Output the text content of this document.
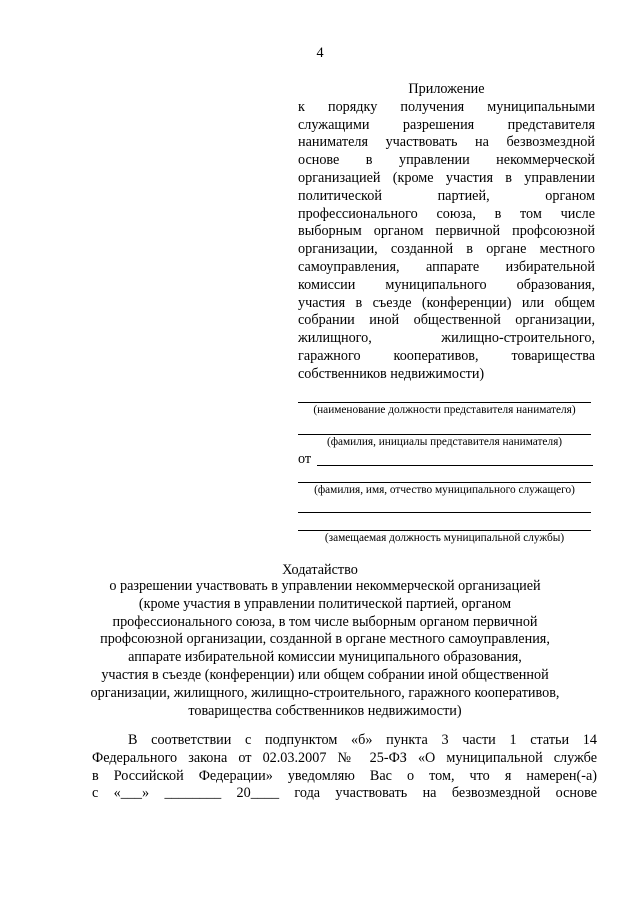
4
Приложение
к порядку получения муниципальными
служащими разрешения представителя
нанимателя участвовать на безвозмездной
основе в управлении некоммерческой
организацией (кроме участия в управлении
политической партией, органом
профессионального союза, в том числе
выборным органом первичной профсоюзной
организации, созданной в органе местного
самоуправления, аппарате избирательной
комиссии муниципального образования,
участия в съезде (конференции) или общем
собрании иной общественной организации,
жилищного, жилищно-строительного,
гаражного кооперативов, товарищества
собственников недвижимости)
(наименование должности представителя нанимателя)
(фамилия, инициалы представителя нанимателя)
от
(фамилия, имя, отчество муниципального служащего)
(замещаемая должность муниципальной службы)
Ходатайство
о разрешении участвовать в управлении некоммерческой организацией
(кроме участия в управлении политической партией, органом
профессионального союза, в том числе выборным органом первичной
профсоюзной организации, созданной в органе местного самоуправления,
аппарате избирательной комиссии муниципального образования,
участия в съезде (конференции) или общем собрании иной общественной
организации, жилищного, жилищно-строительного, гаражного кооперативов,
товарищества собственников недвижимости)
В соответствии с подпунктом «б» пункта 3 части 1 статьи 14
Федерального закона от 02.03.2007 № 25-ФЗ «О муниципальной службе
в Российской Федерации» уведомляю Вас о том, что я намерен(-а)
с «___» ________ 20____ года участвовать на безвозмездной основе
